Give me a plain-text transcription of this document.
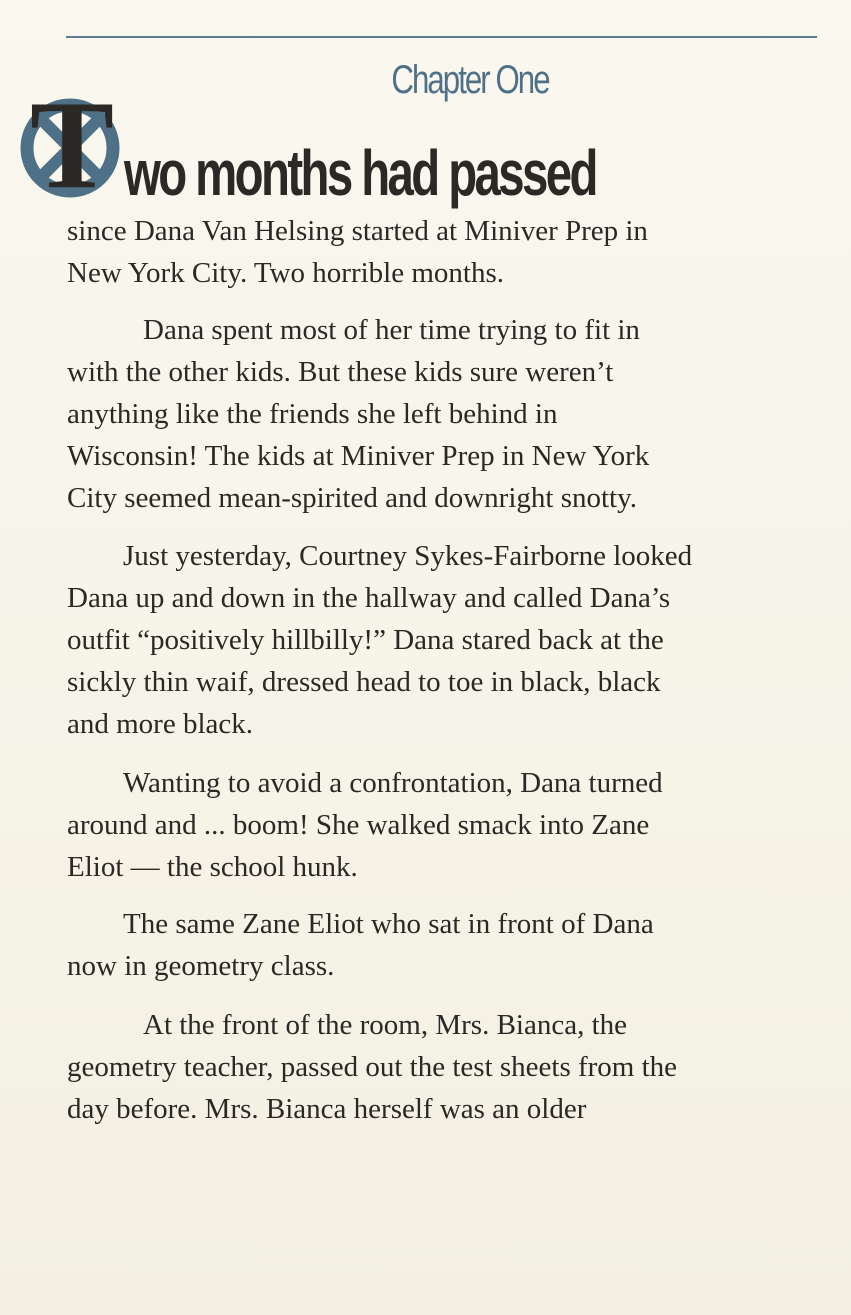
Chapter One
T wo months had passed

since Dana Van Helsing started at Miniver Prep in
New York City. Two horrible months.

Dana spent most of her time trying to fit in
with the other kids. But these kids sure weren’t
anything like the friends she left behind in
Wisconsin! The kids at Miniver Prep in New York
City seemed mean-spirited and downright snotty.

Just yesterday, Courtney Sykes-Fairborne looked
Dana up and down in the hallway and called Dana’s
outfit “positively hillbilly!” Dana stared back at the
sickly thin waif, dressed head to toe in black, black
and more black.

Wanting to avoid a confrontation, Dana turned
around and ... boom! She walked smack into Zane
Eliot — the school hunk.

The same Zane Eliot who sat in front of Dana
now in geometry class.

At the front of the room, Mrs. Bianca, the
geometry teacher, passed out the test sheets from the
day before. Mrs. Bianca herself was an older
